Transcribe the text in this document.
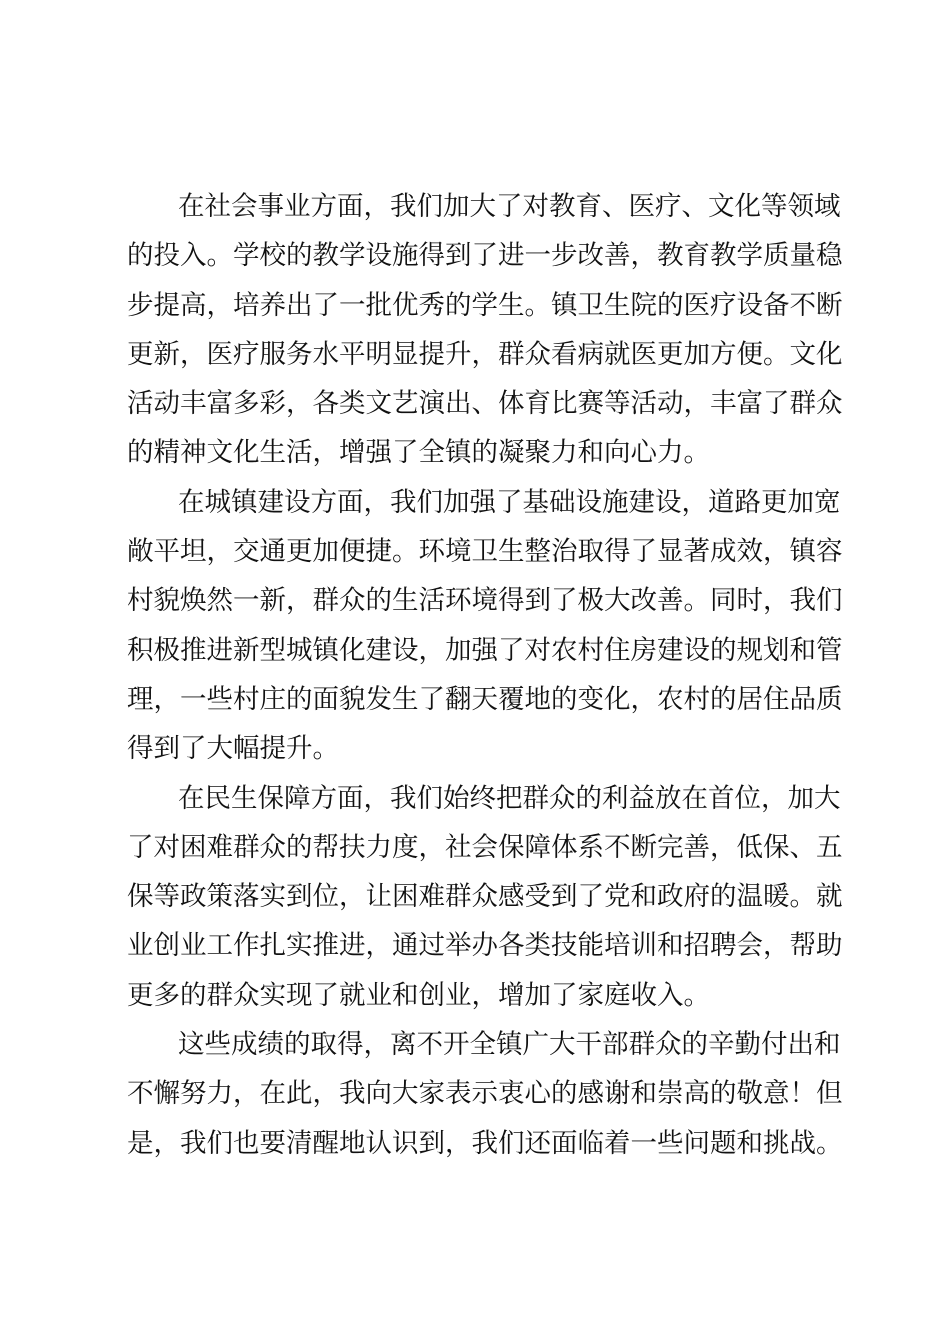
在社会事业方面，我们加大了对教育、医疗、文化等领域
的投入。学校的教学设施得到了进一步改善，教育教学质量稳
步提高，培养出了一批优秀的学生。镇卫生院的医疗设备不断
更新，医疗服务水平明显提升，群众看病就医更加方便。文化
活动丰富多彩，各类文艺演出、体育比赛等活动，丰富了群众
的精神文化生活，增强了全镇的凝聚力和向心力。
在城镇建设方面，我们加强了基础设施建设，道路更加宽
敞平坦，交通更加便捷。环境卫生整治取得了显著成效，镇容
村貌焕然一新，群众的生活环境得到了极大改善。同时，我们
积极推进新型城镇化建设，加强了对农村住房建设的规划和管
理，一些村庄的面貌发生了翻天覆地的变化，农村的居住品质
得到了大幅提升。
在民生保障方面，我们始终把群众的利益放在首位，加大
了对困难群众的帮扶力度，社会保障体系不断完善，低保、五
保等政策落实到位，让困难群众感受到了党和政府的温暖。就
业创业工作扎实推进，通过举办各类技能培训和招聘会，帮助
更多的群众实现了就业和创业，增加了家庭收入。
这些成绩的取得，离不开全镇广大干部群众的辛勤付出和
不懈努力，在此，我向大家表示衷心的感谢和崇高的敬意！但
是，我们也要清醒地认识到，我们还面临着一些问题和挑战。
